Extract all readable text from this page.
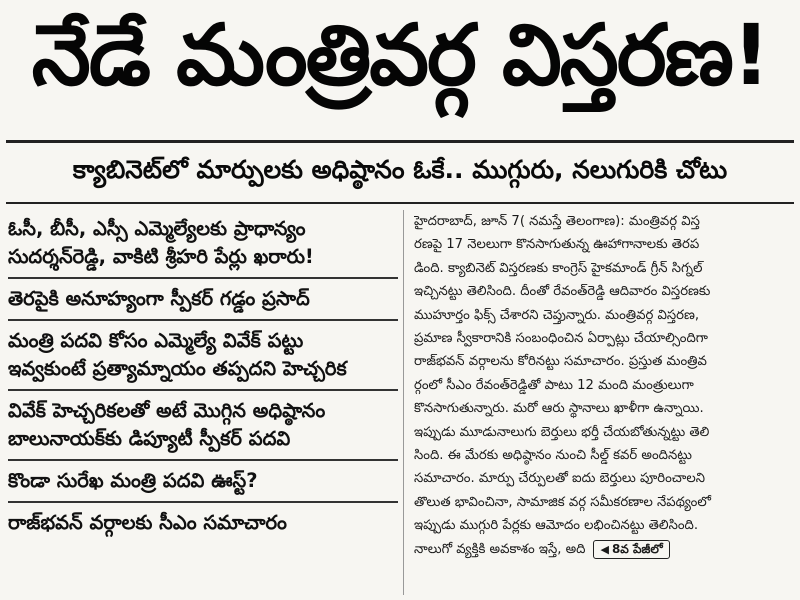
నేడే మంత్రివర్గ విస్తరణ!
క్యాబినెట్‌లో మార్పులకు అధిష్ఠానం ఓకే.. ముగ్గురు, నలుగురికి చోటు
ఓసీ, బీసీ, ఎస్సీ ఎమ్మెల్యేలకు ప్రాధాన్యం
సుదర్శన్‌రెడ్డి, వాకిటి శ్రీహరి పేర్లు ఖరారు!
తెరపైకి అనూహ్యంగా స్పీకర్‌ గడ్డం ప్రసాద్‌
మంత్రి పదవి కోసం ఎమ్మెల్యే వివేక్‌ పట్టు
ఇవ్వకుంటే ప్రత్యామ్నాయం తప్పదని హెచ్చరిక
వివేక్‌ హెచ్చరికలతో అటే మొగ్గిన అధిష్ఠానం
బాలునాయక్‌కు డిప్యూటీ స్పీకర్‌ పదవి
కొండా సురేఖ మంత్రి పదవి ఊస్ట్‌?
రాజ్‌భవన్‌ వర్గాలకు సీఎం సమాచారం
హైదరాబాద్‌, జూన్‌ 7( నమస్తే తెలంగాణ): మంత్రివర్గ విస్త
రణపై 17 నెలలుగా కొనసాగుతున్న ఊహాగానాలకు తెరప
డింది. క్యాబినెట్‌ విస్తరణకు కాంగ్రెస్‌ హైకమాండ్‌ గ్రీన్‌ సిగ్నల్‌
ఇచ్చినట్టు తెలిసింది. దీంతో రేవంత్‌రెడ్డి ఆదివారం విస్తరణకు
ముహూర్తం ఫిక్స్‌ చేశారని చెప్తున్నారు. మంత్రివర్గ విస్తరణ,
ప్రమాణ స్వీకారానికి సంబంధించిన ఏర్పాట్లు చేయాల్సిందిగా
రాజ్‌భవన్‌ వర్గాలను కోరినట్టు సమాచారం. ప్రస్తుత మంత్రివ
ర్గంలో సీఎం రేవంత్‌రెడ్డితో పాటు 12 మంది మంత్రులుగా
కొనసాగుతున్నారు. మరో ఆరు స్థానాలు ఖాళీగా ఉన్నాయి.
ఇప్పుడు మూడునాలుగు బెర్తులు భర్తీ చేయబోతున్నట్టు తెలి
సింది. ఈ మేరకు అధిష్ఠానం నుంచి సీల్డ్‌ కవర్‌ అందినట్టు
సమాచారం. మార్పు చేర్పులతో ఐదు బెర్తులు పూరించాలని
తొలుత భావించినా, సామాజిక వర్గ సమీకరణాల నేపథ్యంలో
ఇప్పుడు ముగ్గురి పేర్లకు ఆమోదం లభించినట్టు తెలిసింది.
నాలుగో వ్యక్తికి అవకాశం ఇస్తే, అది ◀ 8వ పేజీలో
